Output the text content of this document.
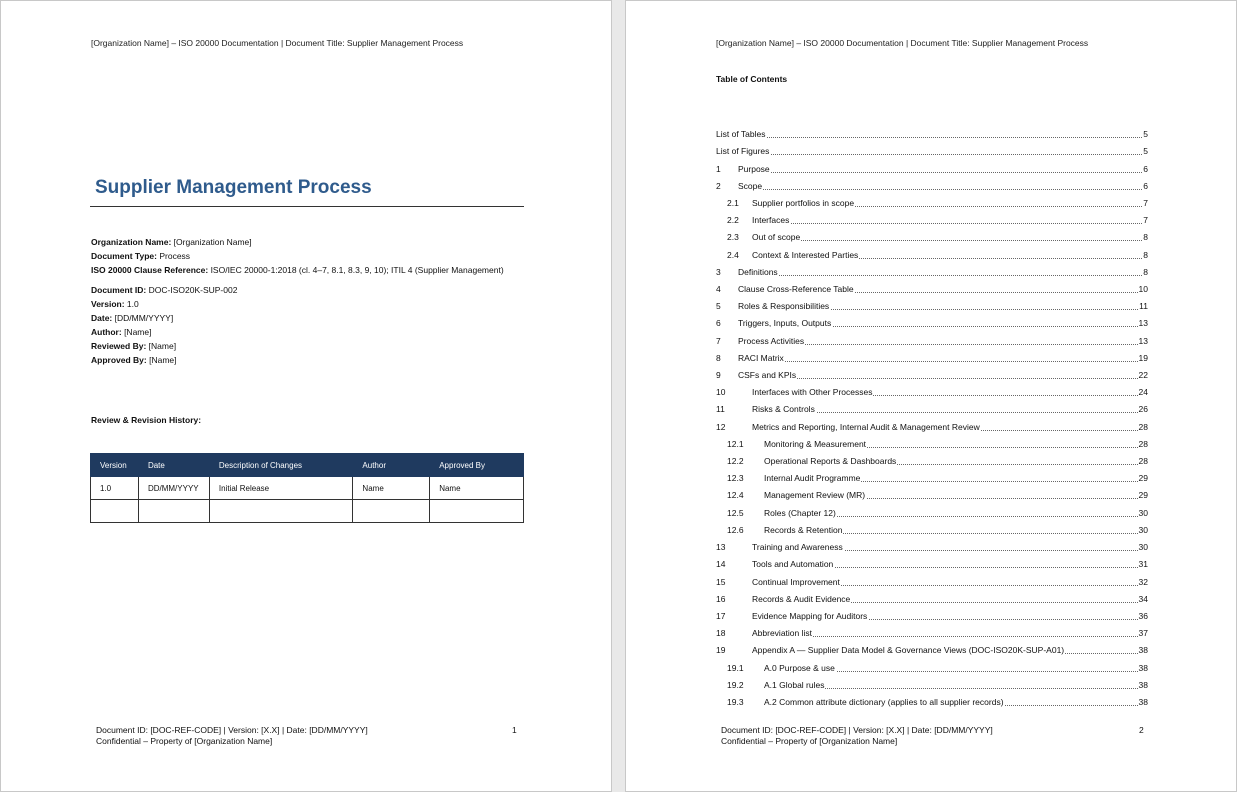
[Organization Name] – ISO 20000 Documentation | Document Title: Supplier Management Process
Supplier Management Process
Organization Name: [Organization Name]
Document Type: Process
ISO 20000 Clause Reference: ISO/IEC 20000-1:2018 (cl. 4–7, 8.1, 8.3, 9, 10); ITIL 4 (Supplier Management)
Document ID: DOC-ISO20K-SUP-002
Version: 1.0
Date: [DD/MM/YYYY]
Author: [Name]
Reviewed By: [Name]
Approved By: [Name]
Review & Revision History:
Version	Date	Description of Changes	Author	Approved By
1.0	DD/MM/YYYY	Initial Release	Name	Name

Document ID: [DOC-REF-CODE] | Version: [X.X] | Date: [DD/MM/YYYY]
Confidential – Property of [Organization Name]
1
[Organization Name] – ISO 20000 Documentation | Document Title: Supplier Management Process
Table of Contents
List of Tables	5
List of Figures	5
1 Purpose	6
2 Scope	6
2.1 Supplier portfolios in scope	7
2.2 Interfaces	7
2.3 Out of scope	8
2.4 Context & Interested Parties	8
3 Definitions	8
4 Clause Cross-Reference Table	10
5 Roles & Responsibilities	11
6 Triggers, Inputs, Outputs	13
7 Process Activities	13
8 RACI Matrix	19
9 CSFs and KPIs	22
10	Interfaces with Other Processes	24
11	Risks & Controls	26
12	Metrics and Reporting, Internal Audit & Management Review	28
12.1 Monitoring & Measurement	28
12.2 Operational Reports & Dashboards	28
12.3 Internal Audit Programme	29
12.4 Management Review (MR)	29
12.5 Roles (Chapter 12)	30
12.6 Records & Retention	30
13	Training and Awareness	30
14	Tools and Automation	31
15	Continual Improvement	32
16	Records & Audit Evidence	34
17	Evidence Mapping for Auditors	36
18	Abbreviation list	37
19	Appendix A — Supplier Data Model & Governance Views (DOC-ISO20K-SUP-A01)	38
19.1 A.0 Purpose & use	38
19.2 A.1 Global rules	38
19.3 A.2 Common attribute dictionary (applies to all supplier records)	38
Document ID: [DOC-REF-CODE] | Version: [X.X] | Date: [DD/MM/YYYY]
Confidential – Property of [Organization Name]
2
